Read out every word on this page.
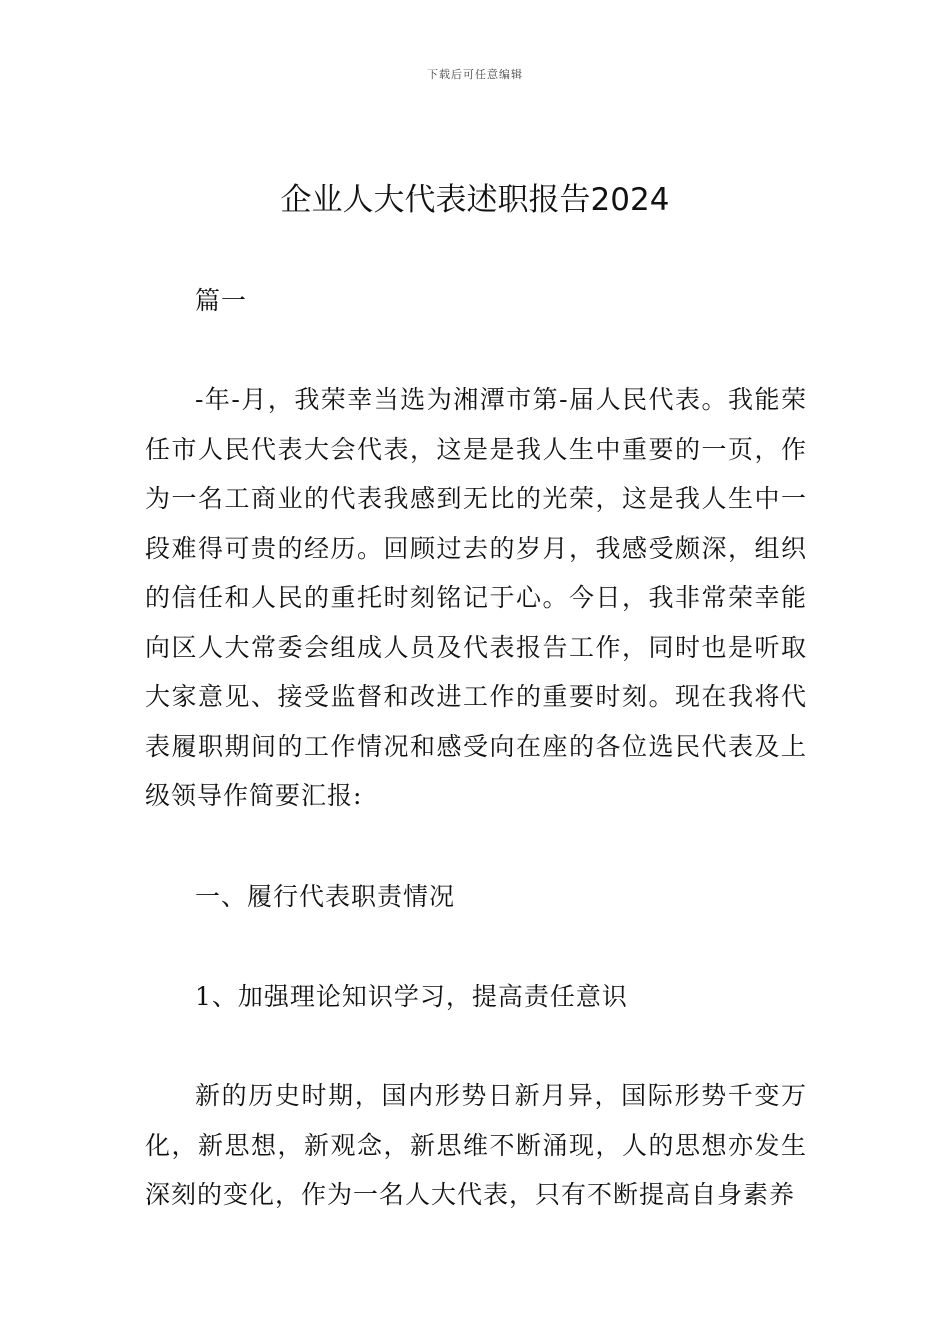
下载后可任意编辑
企业人大代表述职报告2024

篇一

-年-月，我荣幸当选为湘潭市第-届人民代表。我能荣任市人民代表大会代表，这是是我人生中重要的一页，作为一名工商业的代表我感到无比的光荣，这是我人生中一段难得可贵的经历。回顾过去的岁月，我感受颇深，组织的信任和人民的重托时刻铭记于心。今日，我非常荣幸能向区人大常委会组成人员及代表报告工作，同时也是听取大家意见、接受监督和改进工作的重要时刻。现在我将代表履职期间的工作情况和感受向在座的各位选民代表及上级领导作简要汇报:

一、履行代表职责情况

1、加强理论知识学习，提高责任意识

新的历史时期，国内形势日新月异，国际形势千变万化，新思想，新观念，新思维不断涌现，人的思想亦发生深刻的变化，作为一名人大代表，只有不断提高自身素养
